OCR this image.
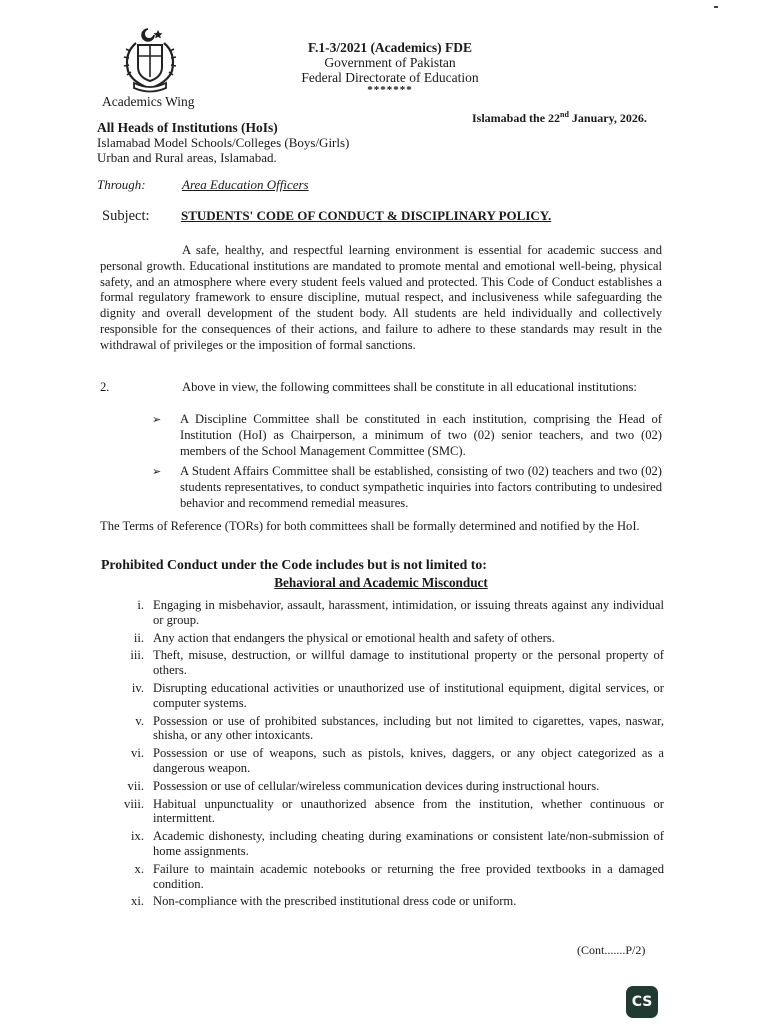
Academics Wing
F.1-3/2021 (Academics) FDE
Government of Pakistan
Federal Directorate of Education
*******
Islamabad the 22nd January, 2026.
All Heads of Institutions (HoIs)
Islamabad Model Schools/Colleges (Boys/Girls)
Urban and Rural areas, Islamabad.
Through:	Area Education Officers
Subject: STUDENTS' CODE OF CONDUCT & DISCIPLINARY POLICY.
A safe, healthy, and respectful learning environment is essential for academic success and personal growth. Educational institutions are mandated to promote mental and emotional well-being, physical safety, and an atmosphere where every student feels valued and protected. This Code of Conduct establishes a formal regulatory framework to ensure discipline, mutual respect, and inclusiveness while safeguarding the dignity and overall development of the student body. All students are held individually and collectively responsible for the consequences of their actions, and failure to adhere to these standards may result in the withdrawal of privileges or the imposition of formal sanctions.
2.	Above in view, the following committees shall be constitute in all educational institutions:
➢ A Discipline Committee shall be constituted in each institution, comprising the Head of Institution (HoI) as Chairperson, a minimum of two (02) senior teachers, and two (02) members of the School Management Committee (SMC).
➢ A Student Affairs Committee shall be established, consisting of two (02) teachers and two (02) students representatives, to conduct sympathetic inquiries into factors contributing to undesired behavior and recommend remedial measures.
The Terms of Reference (TORs) for both committees shall be formally determined and notified by the HoI.
Prohibited Conduct under the Code includes but is not limited to:
Behavioral and Academic Misconduct
i. Engaging in misbehavior, assault, harassment, intimidation, or issuing threats against any individual or group.
ii. Any action that endangers the physical or emotional health and safety of others.
iii. Theft, misuse, destruction, or willful damage to institutional property or the personal property of others.
iv. Disrupting educational activities or unauthorized use of institutional equipment, digital services, or computer systems.
v. Possession or use of prohibited substances, including but not limited to cigarettes, vapes, naswar, shisha, or any other intoxicants.
vi. Possession or use of weapons, such as pistols, knives, daggers, or any object categorized as a dangerous weapon.
vii. Possession or use of cellular/wireless communication devices during instructional hours.
viii. Habitual unpunctuality or unauthorized absence from the institution, whether continuous or intermittent.
ix. Academic dishonesty, including cheating during examinations or consistent late/non-submission of home assignments.
x. Failure to maintain academic notebooks or returning the free provided textbooks in a damaged condition.
xi. Non-compliance with the prescribed institutional dress code or uniform.
(Cont.......P/2)
CS
